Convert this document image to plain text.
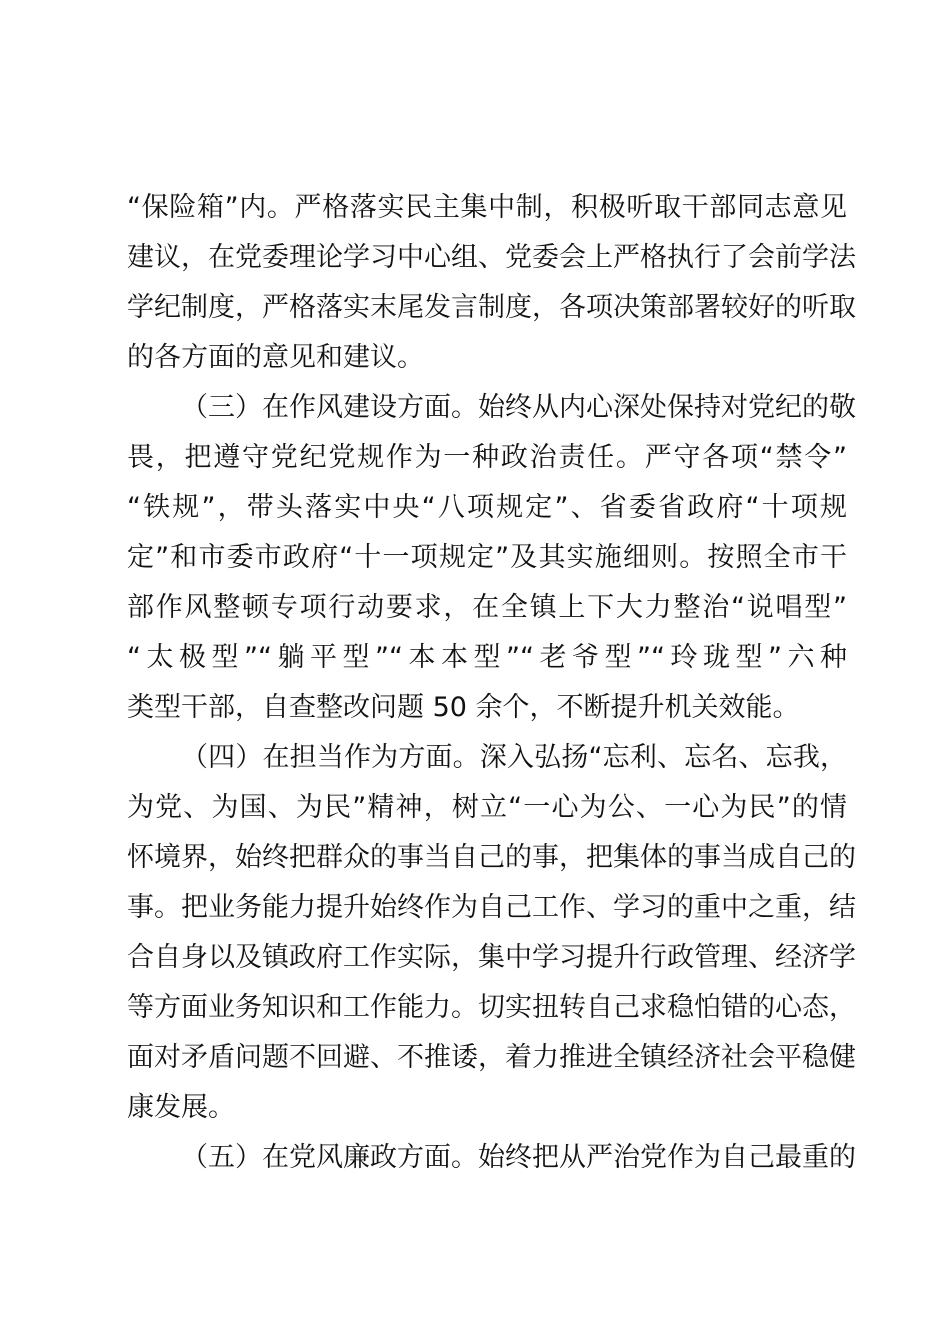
“保险箱”内。严格落实民主集中制，积极听取干部同志意见
建议，在党委理论学习中心组、党委会上严格执行了会前学法
学纪制度，严格落实末尾发言制度，各项决策部署较好的听取
的各方面的意见和建议。
（三）在作风建设方面。始终从内心深处保持对党纪的敬
畏，把遵守党纪党规作为一种政治责任。严守各项“禁令”
“铁规”，带头落实中央“八项规定”、省委省政府“十项规
定”和市委市政府“十一项规定”及其实施细则。按照全市干
部作风整顿专项行动要求，在全镇上下大力整治“说唱型”
“太极型”“躺平型”“本本型”“老爷型”“玲珑型”六种
类型干部，自查整改问题 50 余个，不断提升机关效能。
（四）在担当作为方面。深入弘扬“忘利、忘名、忘我，
为党、为国、为民”精神，树立“一心为公、一心为民”的情
怀境界，始终把群众的事当自己的事，把集体的事当成自己的
事。把业务能力提升始终作为自己工作、学习的重中之重，结
合自身以及镇政府工作实际，集中学习提升行政管理、经济学
等方面业务知识和工作能力。切实扭转自己求稳怕错的心态，
面对矛盾问题不回避、不推诿，着力推进全镇经济社会平稳健
康发展。
（五）在党风廉政方面。始终把从严治党作为自己最重的
